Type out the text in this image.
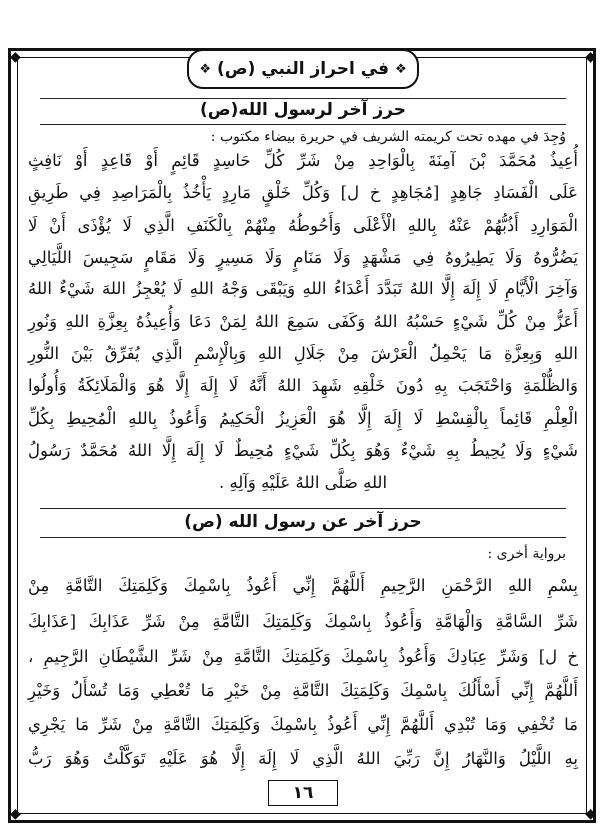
◆	◆
◆	◆
❖ في احراز النبي (ص) ❖
حرز آخر لرسول الله(ص)
وُجِدَ في مهده تحت كريمته الشريف في حريرة بيضاء مكتوب :
أُعِيذُ مُحَمَّدَ بْنَ آمِنَةَ بِالْوَاحِدِ مِنْ شَرِّ كُلِّ حَاسِدٍ قَائِمٍ أَوْ قَاعِدٍ أَوْ نَافِثٍ
عَلَى الْفَسَادِ جَاهِدٍ [مُجَاهِدٍ خ ل] وَكُلِّ خَلْقٍ مَارِدٍ يَأْخُذُ بِالْمَرَاصِدِ فِي طَرِيقِ
الْمَوَارِدِ أَذُبُّهُمْ عَنْهُ بِاللهِ الْأَعْلَى وَأَحُوطُهُ مِنْهُمْ بِالْكَنَفِ الَّذِي لَا يُؤْذَى أَنْ لَا
يَضُرُّوهُ وَلَا يَطِيرُوهُ فِي مَشْهَدٍ وَلَا مَنَامٍ وَلَا مَسِيرٍ وَلَا مَقَامٍ سَجِيسَ اللَّيَالِي
وَآخِرَ الْأَيَّامِ لَا إِلَهَ إِلَّا اللهُ تَبَدَّدَ أَعْدَاءُ اللهِ وَيَبْقَى وَجْهُ اللهِ لَا يُعْجِزُ اللهَ شَيْءٌ اللهُ
أَعَزُّ مِنْ كُلِّ شَيْءٍ حَسْبُهُ اللهُ وَكَفَى سَمِعَ اللهُ لِمَنْ دَعَا وَأُعِيذُهُ بِعِزَّةِ اللهِ وَنُورِ
اللهِ وَبِعِزَّةِ مَا يَحْمِلُ الْعَرْشَ مِنْ جَلَالِ اللهِ وَبِالْإِسْمِ الَّذِي يُفَرِّقُ بَيْنَ النُّورِ
وَالظُّلْمَةِ وَاحْتَجَبَ بِهِ دُونَ خَلْقِهِ شَهِدَ اللهُ أَنَّهُ لَا إِلَهَ إِلَّا هُوَ وَالْمَلَائِكَةُ وَأُولُوا
الْعِلْمِ قَائِماً بِالْقِسْطِ لَا إِلَهَ إِلَّا هُوَ الْعَزِيزُ الْحَكِيمُ وَأَعُوذُ بِاللهِ الْمُحِيطِ بِكُلِّ
شَيْءٍ وَلَا يُحِيطُ بِهِ شَيْءٌ وَهُوَ بِكُلِّ شَيْءٍ مُحِيطٌ لَا إِلَهَ إِلَّا اللهُ مُحَمَّدٌ رَسُولُ
اللهِ صَلَّى اللهُ عَلَيْهِ وَآلِهِ .
حرز آخر عن رسول الله (ص)
برواية أخرى :
بِسْمِ اللهِ الرَّحْمَنِ الرَّحِيمِ أَللَّهُمَّ إِنِّي أَعُوذُ بِاسْمِكَ وَكَلِمَتِكَ التَّامَّةِ مِنْ
شَرِّ السَّامَّةِ وَالْهَامَّةِ وَأَعُوذُ بِاسْمِكَ وَكَلِمَتِكَ التَّامَّةِ مِنْ شَرِّ عَذَابِكَ [عَذَابِكَ
خ ل] وَشَرِّ عِبَادِكَ وَأَعُوذُ بِاسْمِكَ وَكَلِمَتِكَ التَّامَّةِ مِنْ شَرِّ الشَّيْطَانِ الرَّجِيمِ ،
أَللَّهُمَّ إِنِّي أَسْأَلُكَ بِاسْمِكَ وَكَلِمَتِكَ التَّامَّةِ مِنْ خَيْرِ مَا تُعْطِي وَمَا تُسْأَلُ وَخَيْرِ
مَا تُخْفِي وَمَا تُبْدِي أَللَّهُمَّ إِنِّي أَعُوذُ بِاسْمِكَ وَكَلِمَتِكَ التَّامَّةِ مِنْ شَرِّ مَا يَجْرِي
بِهِ اللَّيْلُ وَالنَّهَارُ إِنَّ رَبِّيَ اللهُ الَّذِي لَا إِلَهَ إِلَّا هُوَ عَلَيْهِ تَوَكَّلْتُ وَهُوَ رَبُّ
١٦
